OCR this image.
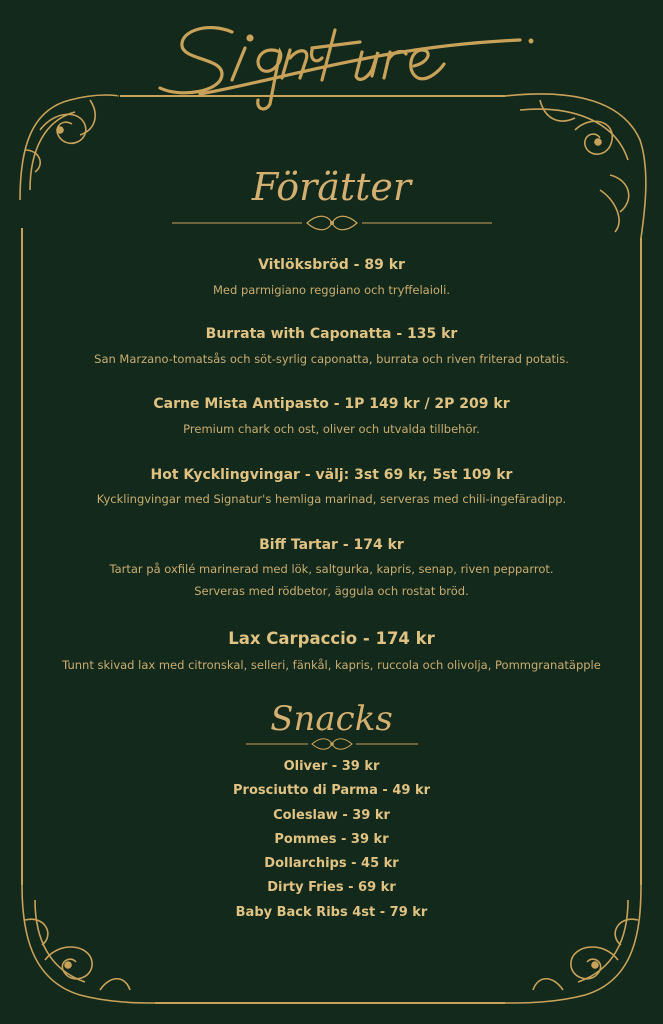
Förätter
Vitlöksbröd - 89 kr
Med parmigiano reggiano och tryffelaioli.
Burrata with Caponatta - 135 kr
San Marzano-tomatsås och söt-syrlig caponatta, burrata och riven friterad potatis.
Carne Mista Antipasto - 1P 149 kr / 2P 209 kr
Premium chark och ost, oliver och utvalda tillbehör.
Hot Kycklingvingar - välj: 3st 69 kr, 5st 109 kr
Kycklingvingar med Signatur's hemliga marinad, serveras med chili-ingefäradipp.
Biff Tartar - 174 kr
Tartar på oxfilé marinerad med lök, saltgurka, kapris, senap, riven pepparrot.
Serveras med rödbetor, äggula och rostat bröd.
Lax Carpaccio - 174 kr
Tunnt skivad lax med citronskal, selleri, fänkål, kapris, ruccola och olivolja, Pommgranatäpple
Snacks
Oliver - 39 kr
Prosciutto di Parma - 49 kr
Coleslaw - 39 kr
Pommes - 39 kr
Dollarchips - 45 kr
Dirty Fries - 69 kr
Baby Back Ribs 4st - 79 kr
